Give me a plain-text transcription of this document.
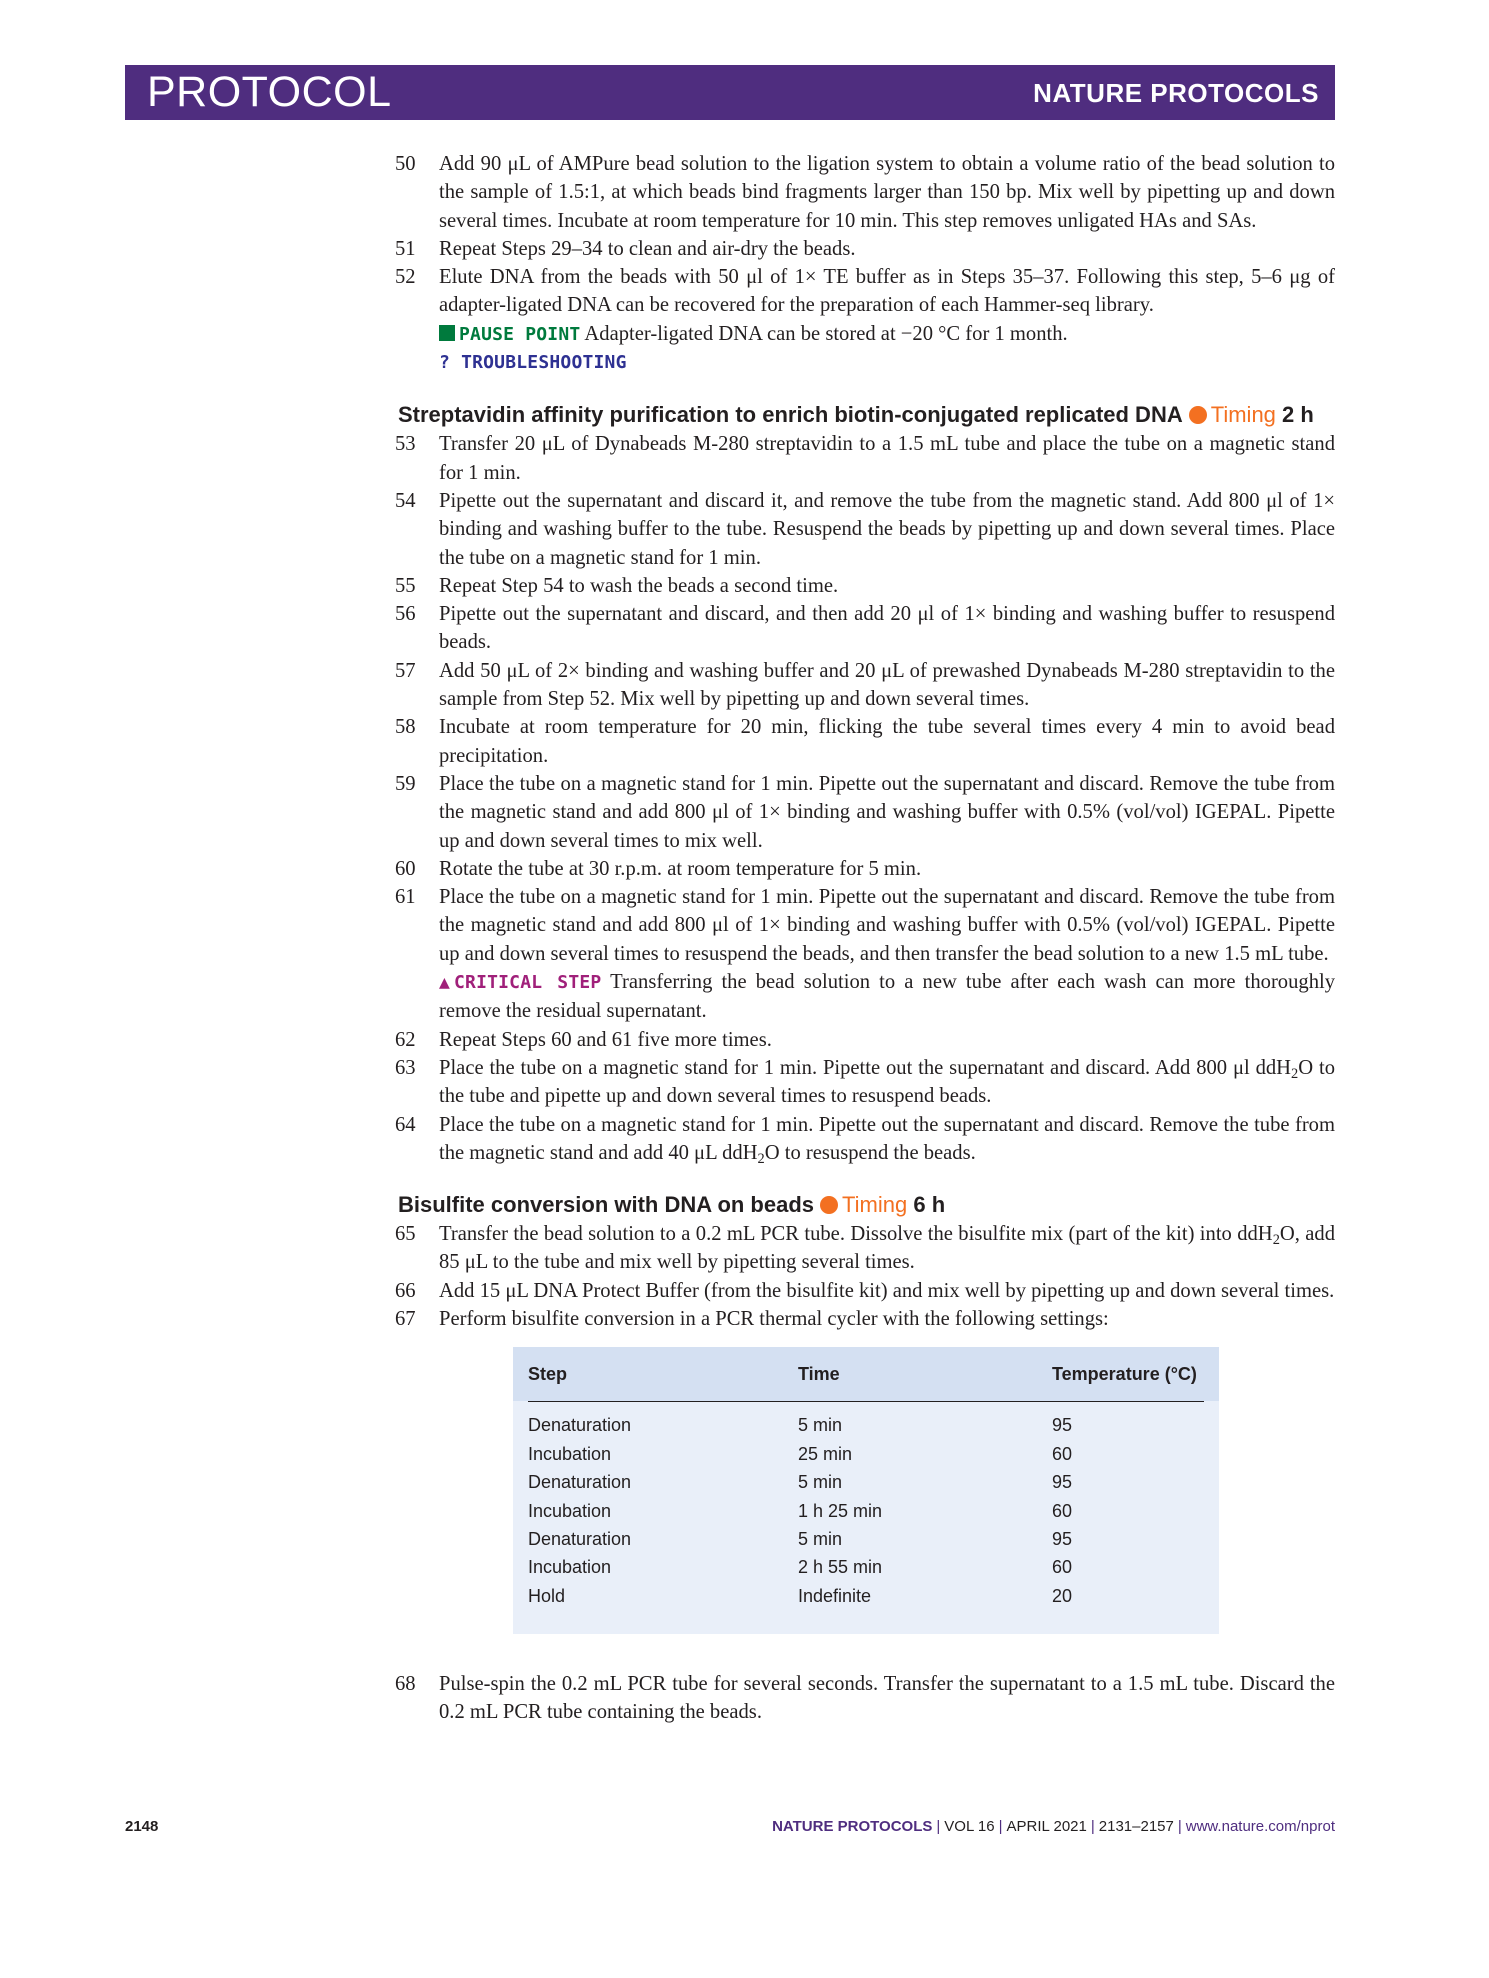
PROTOCOL	NATURE PROTOCOLS
50	Add 90 μL of AMPure bead solution to the ligation system to obtain a volume ratio of the bead solution to the sample of 1.5:1, at which beads bind fragments larger than 150 bp. Mix well by pipetting up and down several times. Incubate at room temperature for 10 min. This step removes unligated HAs and SAs.
51	Repeat Steps 29–34 to clean and air-dry the beads.
52	Elute DNA from the beads with 50 μl of 1× TE buffer as in Steps 35–37. Following this step, 5–6 μg of adapter-ligated DNA can be recovered for the preparation of each Hammer-seq library.
PAUSE POINT Adapter-ligated DNA can be stored at −20 °C for 1 month.
? TROUBLESHOOTING
Streptavidin affinity purification to enrich biotin-conjugated replicated DNA Timing 2 h
53	Transfer 20 μL of Dynabeads M-280 streptavidin to a 1.5 mL tube and place the tube on a magnetic stand for 1 min.
54	Pipette out the supernatant and discard it, and remove the tube from the magnetic stand. Add 800 μl of 1× binding and washing buffer to the tube. Resuspend the beads by pipetting up and down several times. Place the tube on a magnetic stand for 1 min.
55	Repeat Step 54 to wash the beads a second time.
56	Pipette out the supernatant and discard, and then add 20 μl of 1× binding and washing buffer to resuspend beads.
57	Add 50 μL of 2× binding and washing buffer and 20 μL of prewashed Dynabeads M-280 streptavidin to the sample from Step 52. Mix well by pipetting up and down several times.
58	Incubate at room temperature for 20 min, flicking the tube several times every 4 min to avoid bead precipitation.
59	Place the tube on a magnetic stand for 1 min. Pipette out the supernatant and discard. Remove the tube from the magnetic stand and add 800 μl of 1× binding and washing buffer with 0.5% (vol/vol) IGEPAL. Pipette up and down several times to mix well.
60	Rotate the tube at 30 r.p.m. at room temperature for 5 min.
61	Place the tube on a magnetic stand for 1 min. Pipette out the supernatant and discard. Remove the tube from the magnetic stand and add 800 μl of 1× binding and washing buffer with 0.5% (vol/vol) IGEPAL. Pipette up and down several times to resuspend the beads, and then transfer the bead solution to a new 1.5 mL tube.
▲CRITICAL STEP Transferring the bead solution to a new tube after each wash can more thoroughly remove the residual supernatant.
62	Repeat Steps 60 and 61 five more times.
63	Place the tube on a magnetic stand for 1 min. Pipette out the supernatant and discard. Add 800 μl ddH$_2$O to the tube and pipette up and down several times to resuspend beads.
64	Place the tube on a magnetic stand for 1 min. Pipette out the supernatant and discard. Remove the tube from the magnetic stand and add 40 μL ddH$_2$O to resuspend the beads.
Bisulfite conversion with DNA on beads Timing 6 h
65	Transfer the bead solution to a 0.2 mL PCR tube. Dissolve the bisulfite mix (part of the kit) into ddH$_2$O, add 85 μL to the tube and mix well by pipetting several times.
66	Add 15 μL DNA Protect Buffer (from the bisulfite kit) and mix well by pipetting up and down several times.
67	Perform bisulfite conversion in a PCR thermal cycler with the following settings:
Step	Time	Temperature (°C)
Denaturation	5 min	95
Incubation	25 min	60
Denaturation	5 min	95
Incubation	1 h 25 min	60
Denaturation	5 min	95
Incubation	2 h 55 min	60
Hold	Indefinite	20
68	Pulse-spin the 0.2 mL PCR tube for several seconds. Transfer the supernatant to a 1.5 mL tube. Discard the 0.2 mL PCR tube containing the beads.
2148	NATURE PROTOCOLS | VOL 16 | APRIL 2021 | 2131–2157 | www.nature.com/nprot
